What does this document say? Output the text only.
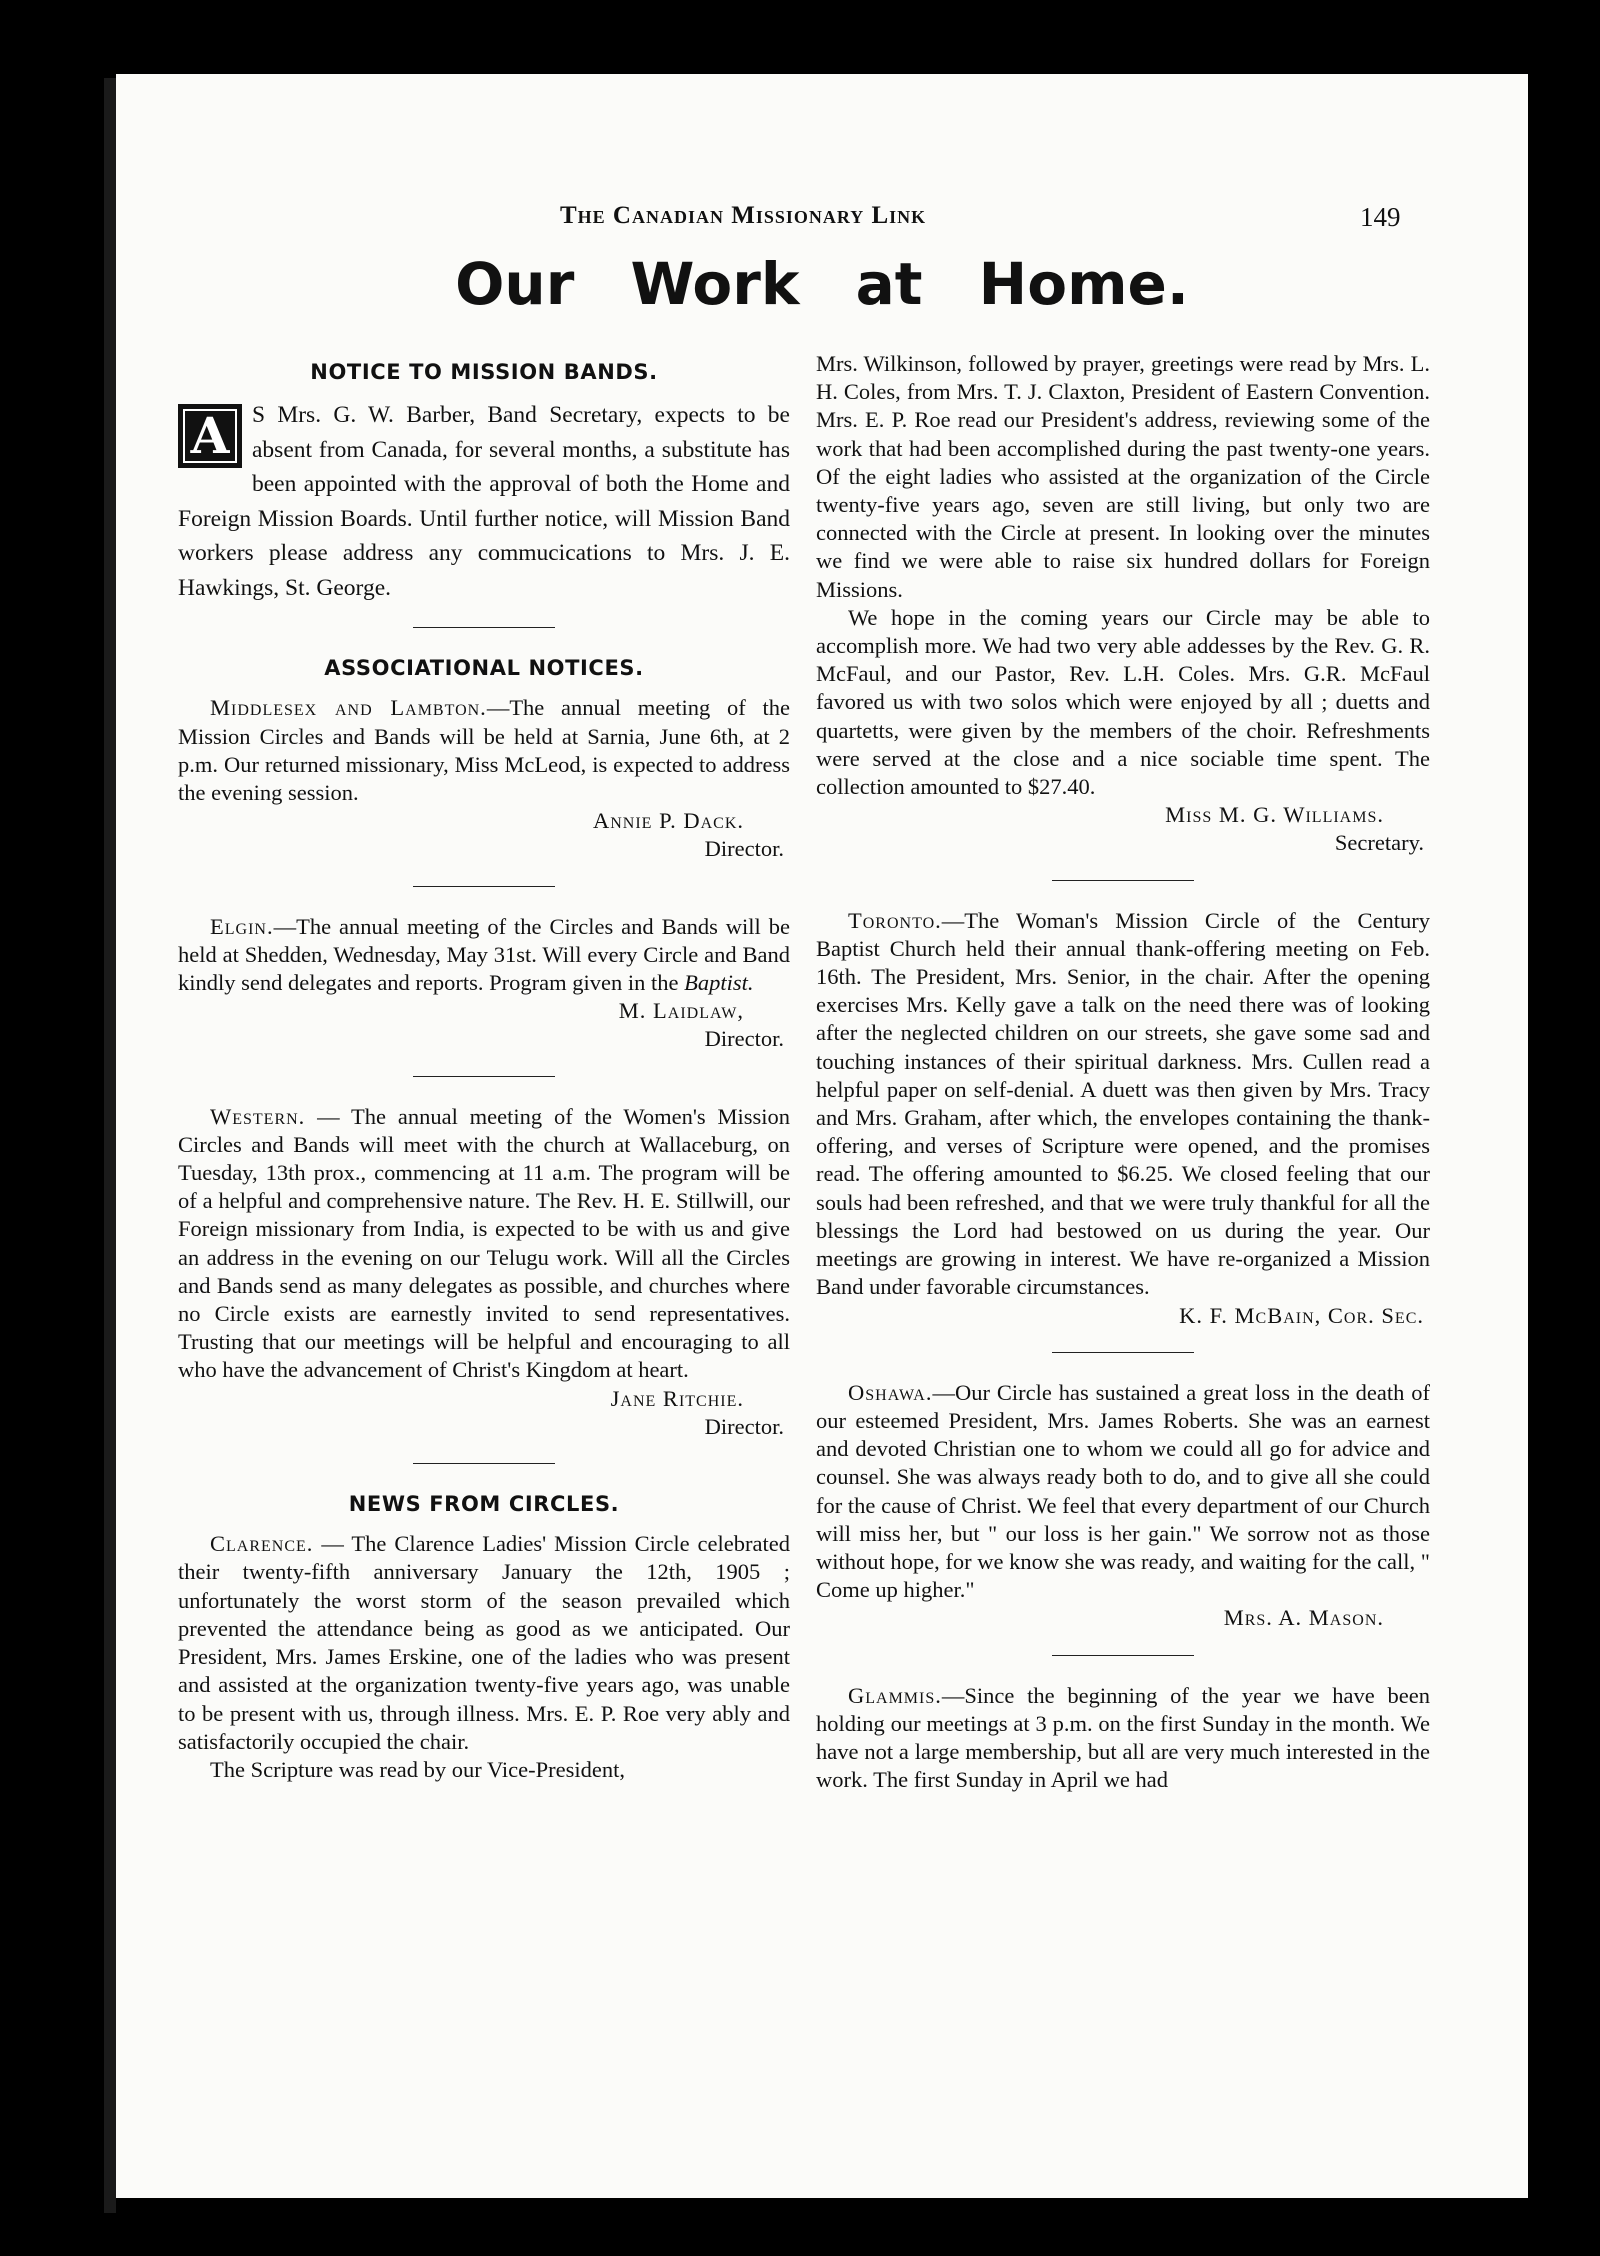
The Canadian Missionary Link	149
Our Work at Home.
NOTICE TO MISSION BANDS.

A S Mrs. G. W. Barber, Band Secretary, expects to be absent from Canada, for several months, a substitute has been appointed with the approval of both the Home and Foreign Mission Boards. Until further notice, will Mission Band workers please address any commucications to Mrs. J. E. Hawkings, St. George.

ASSOCIATIONAL NOTICES.

Middlesex and Lambton.—The annual meeting of the Mission Circles and Bands will be held at Sarnia, June 6th, at 2 p.m. Our returned missionary, Miss McLeod, is expected to address the evening session.

Annie P. Dack.
Director.

Elgin.—The annual meeting of the Circles and Bands will be held at Shedden, Wednesday, May 31st. Will every Circle and Band kindly send delegates and reports. Program given in the Baptist.

M. Laidlaw,
Director.

Western. — The annual meeting of the Women's Mission Circles and Bands will meet with the church at Wallaceburg, on Tuesday, 13th prox., commencing at 11 a.m. The program will be of a helpful and comprehensive nature. The Rev. H. E. Stillwill, our Foreign missionary from India, is expected to be with us and give an address in the evening on our Telugu work. Will all the Circles and Bands send as many delegates as possible, and churches where no Circle exists are earnestly invited to send representatives. Trusting that our meetings will be helpful and encouraging to all who have the advancement of Christ's Kingdom at heart.

Jane Ritchie.
Director.
NEWS FROM CIRCLES.

Clarence. — The Clarence Ladies' Mission Circle celebrated their twenty-fifth anniversary January the 12th, 1905 ; unfortunately the worst storm of the season prevailed which prevented the attendance being as good as we anticipated. Our President, Mrs. James Erskine, one of the ladies who was present and assisted at the organization twenty-five years ago, was unable to be present with us, through illness. Mrs. E. P. Roe very ably and satisfactorily occupied the chair.

The Scripture was read by our Vice-President,

Mrs. Wilkinson, followed by prayer, greetings were read by Mrs. L. H. Coles, from Mrs. T. J. Claxton, President of Eastern Convention. Mrs. E. P. Roe read our President's address, reviewing some of the work that had been accomplished during the past twenty-one years. Of the eight ladies who assisted at the organization of the Circle twenty-five years ago, seven are still living, but only two are connected with the Circle at present. In looking over the minutes we find we were able to raise six hundred dollars for Foreign Missions.

We hope in the coming years our Circle may be able to accomplish more. We had two very able addesses by the Rev. G. R. McFaul, and our Pastor, Rev. L.H. Coles. Mrs. G.R. McFaul favored us with two solos which were enjoyed by all ; duetts and quartetts, were given by the members of the choir. Refreshments were served at the close and a nice sociable time spent. The collection amounted to $27.40.

Miss M. G. Williams.
Secretary.

Toronto.—The Woman's Mission Circle of the Century Baptist Church held their annual thank-offering meeting on Feb. 16th. The President, Mrs. Senior, in the chair. After the opening exercises Mrs. Kelly gave a talk on the need there was of looking after the neglected children on our streets, she gave some sad and touching instances of their spiritual darkness. Mrs. Cullen read a helpful paper on self-denial. A duett was then given by Mrs. Tracy and Mrs. Graham, after which, the envelopes containing the thank-offering, and verses of Scripture were opened, and the promises read. The offering amounted to $6.25. We closed feeling that our souls had been refreshed, and that we were truly thankful for all the blessings the Lord had bestowed on us during the year. Our meetings are growing in interest. We have re-organized a Mission Band under favorable circumstances.

K. F. McBain, Cor. Sec.

Oshawa.—Our Circle has sustained a great loss in the death of our esteemed President, Mrs. James Roberts. She was an earnest and devoted Christian one to whom we could all go for advice and counsel. She was always ready both to do, and to give all she could for the cause of Christ. We feel that every department of our Church will miss her, but " our loss is her gain." We sorrow not as those without hope, for we know she was ready, and waiting for the call, " Come up higher."

Mrs. A. Mason.

Glammis.—Since the beginning of the year we have been holding our meetings at 3 p.m. on the first Sunday in the month. We have not a large membership, but all are very much interested in the work. The first Sunday in April we had
